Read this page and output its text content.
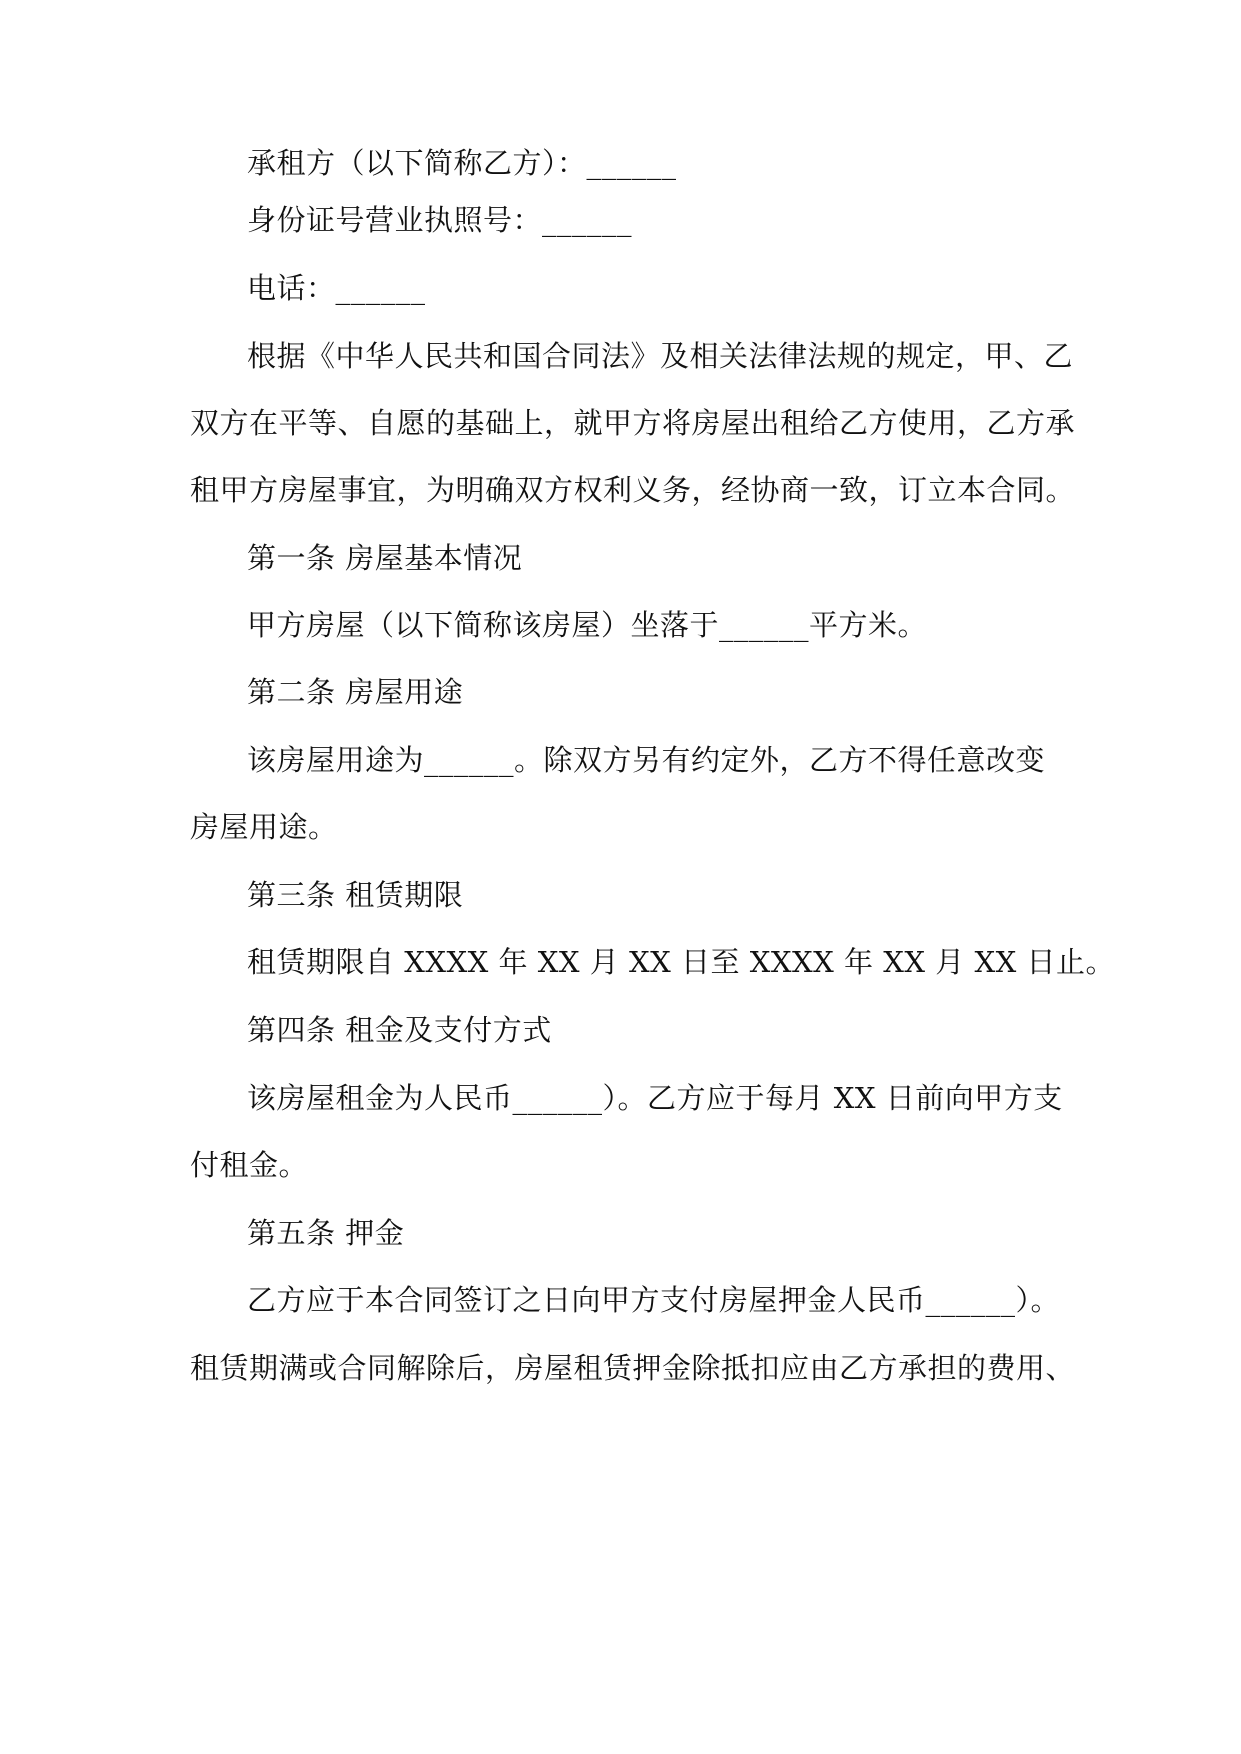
承租方（以下简称乙方）：______
身份证号营业执照号：______
电话：______
根据《中华人民共和国合同法》及相关法律法规的规定，甲、乙
双方在平等、自愿的基础上，就甲方将房屋出租给乙方使用，乙方承
租甲方房屋事宜，为明确双方权利义务，经协商一致，订立本合同。
第一条 房屋基本情况
甲方房屋（以下简称该房屋）坐落于______平方米。
第二条 房屋用途
该房屋用途为______。除双方另有约定外，乙方不得任意改变
房屋用途。
第三条 租赁期限
租赁期限自 XXXX 年 XX 月 XX 日至 XXXX 年 XX 月 XX 日止。
第四条 租金及支付方式
该房屋租金为人民币______）。乙方应于每月 XX 日前向甲方支
付租金。
第五条 押金
乙方应于本合同签订之日向甲方支付房屋押金人民币______）。
租赁期满或合同解除后，房屋租赁押金除抵扣应由乙方承担的费用、
